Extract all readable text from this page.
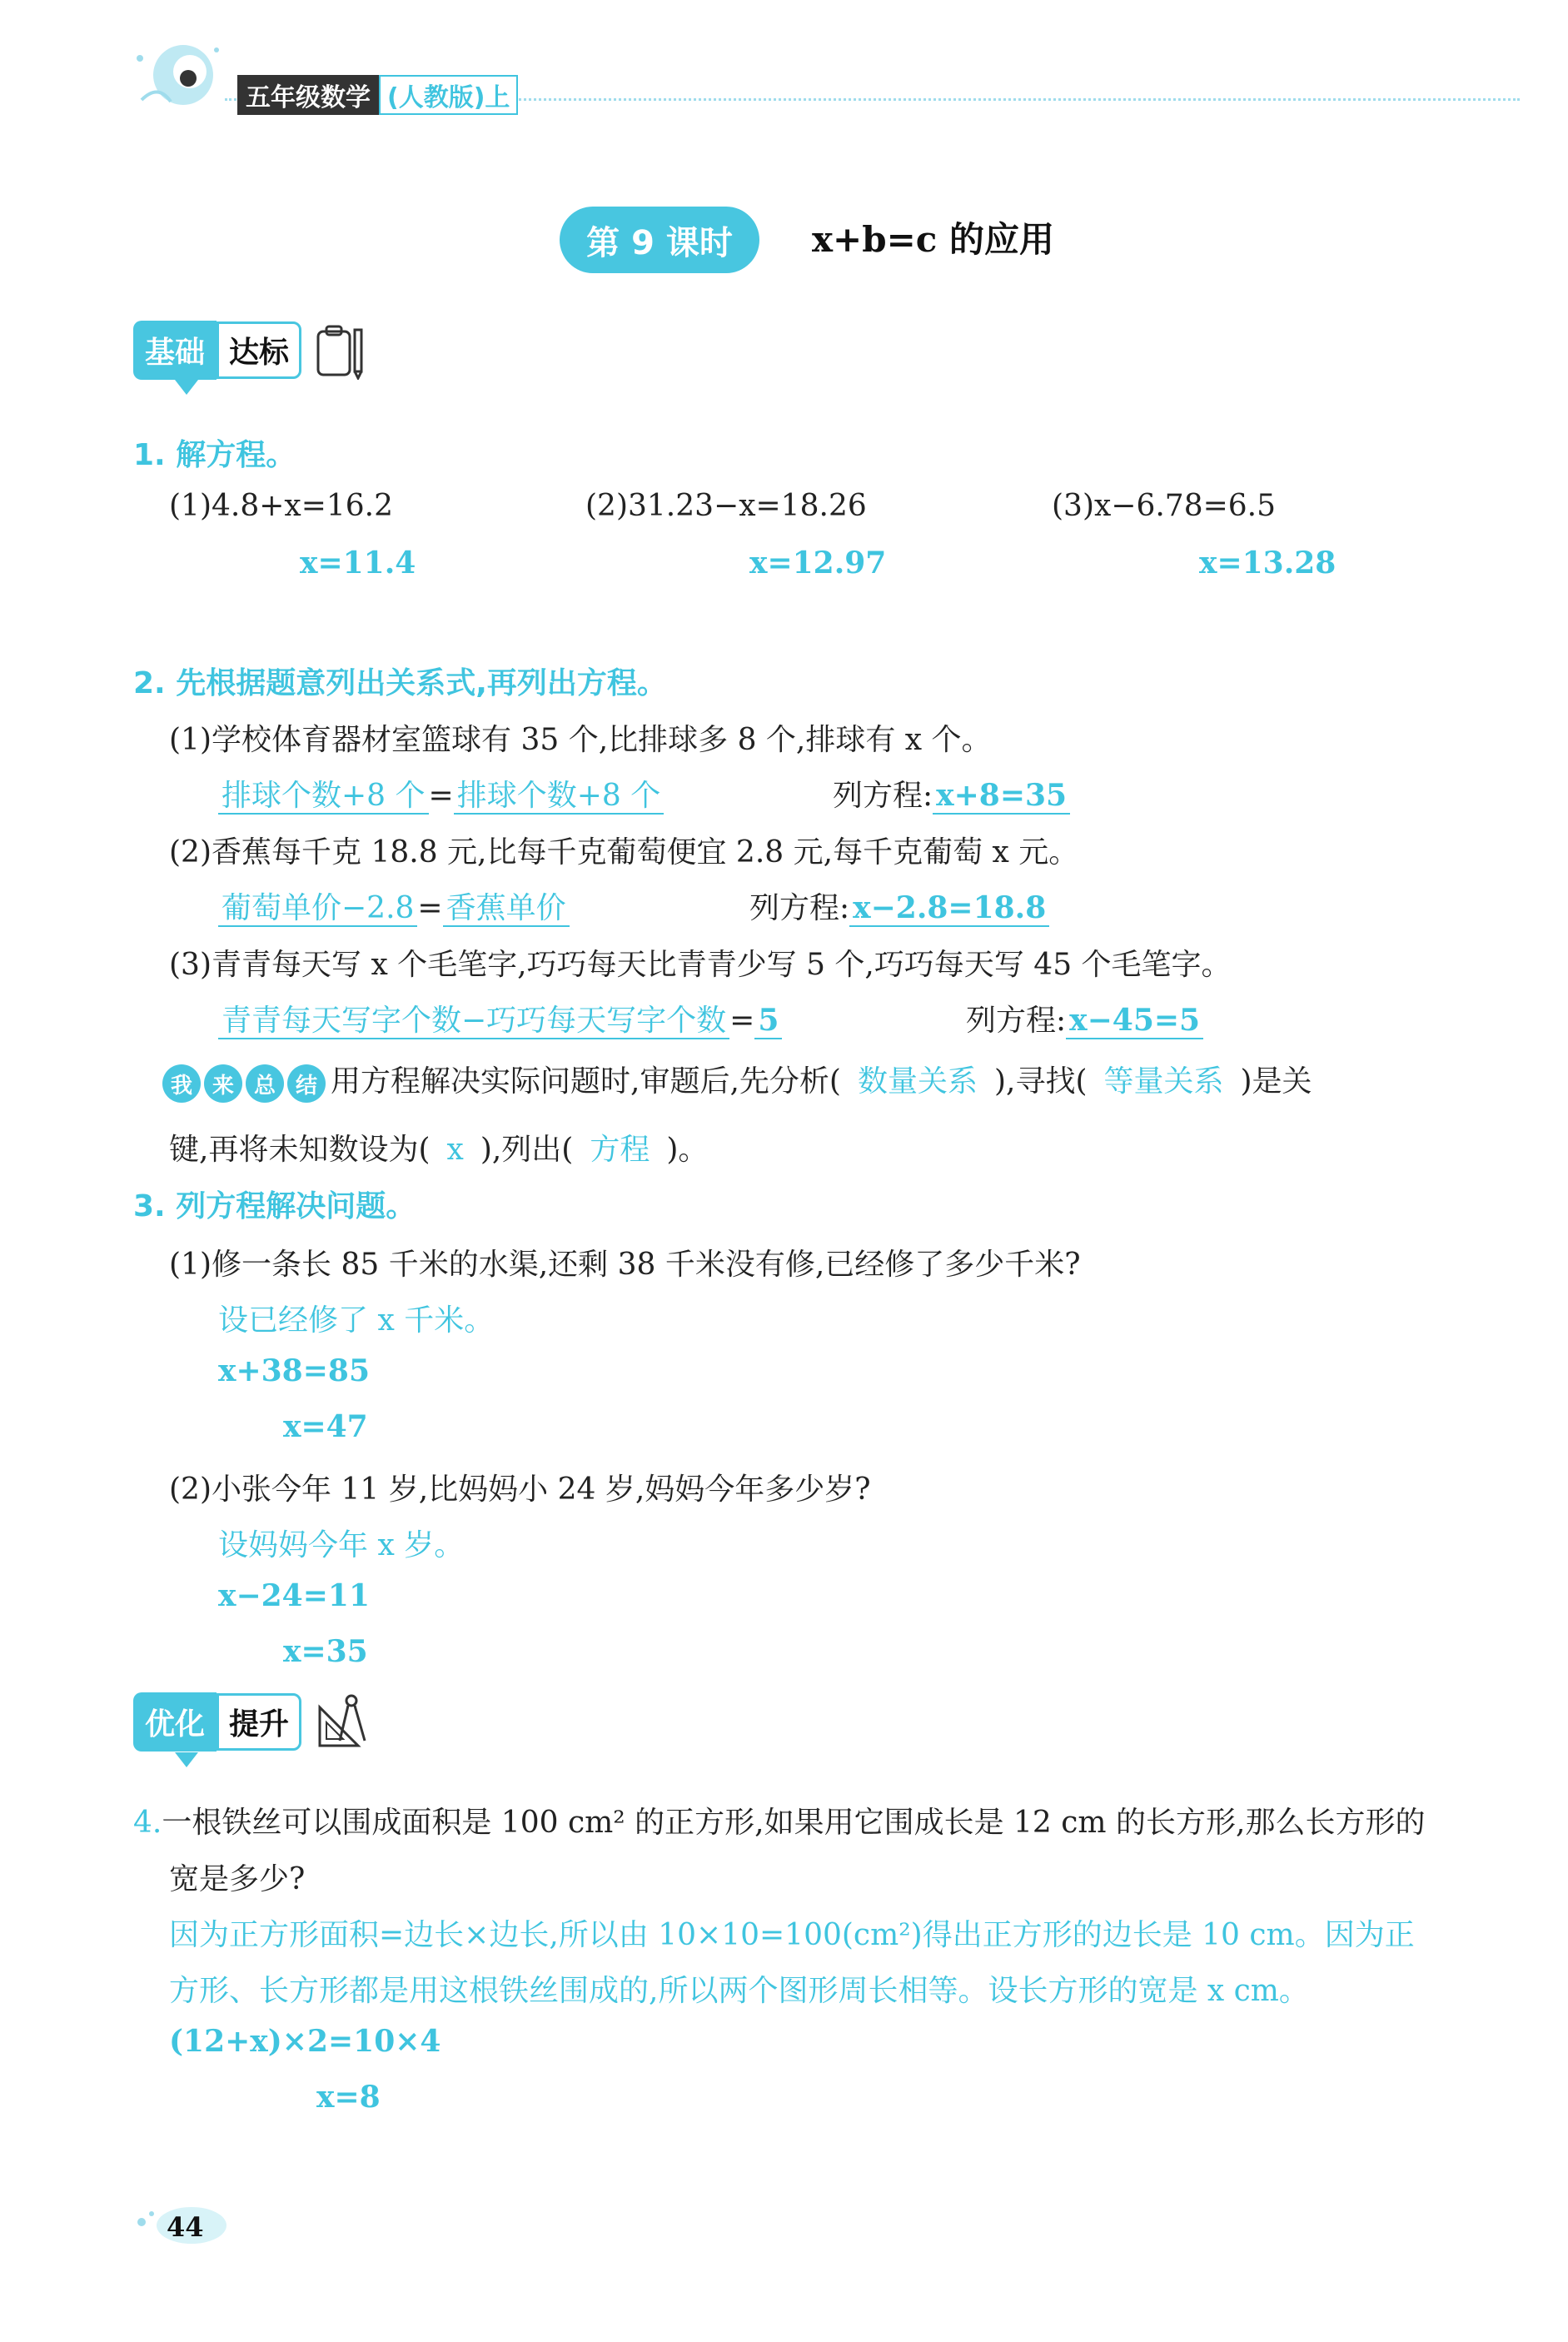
五年级数学 (人教版)上
第 9 课时	x+b=c 的应用
基础 达标
1. 解方程。
(1)4.8+x=16.2	(2)31.23−x=18.26	(3)x−6.78=6.5
x=11.4	x=12.97	x=13.28
2. 先根据题意列出关系式,再列出方程。
(1)学校体育器材室篮球有 35 个,比排球多 8 个,排球有 x 个。
排球个数+8 个 = 排球个数+8 个	列方程: x+8=35
(2)香蕉每千克 18.8 元,比每千克葡萄便宜 2.8 元,每千克葡萄 x 元。
葡萄单价−2.8 = 香蕉单价	列方程: x−2.8=18.8
(3)青青每天写 x 个毛笔字,巧巧每天比青青少写 5 个,巧巧每天写 45 个毛笔字。
青青每天写字个数−巧巧每天写字个数 = 5	列方程: x−45=5
我 来 总 结 用方程解决实际问题时,审题后,先分析( 数量关系 ),寻找( 等量关系 )是关
键,再将未知数设为( x ),列出( 方程 )。
3. 列方程解决问题。
(1)修一条长 85 千米的水渠,还剩 38 千米没有修,已经修了多少千米?
设已经修了 x 千米。
x+38=85
x=47
(2)小张今年 11 岁,比妈妈小 24 岁,妈妈今年多少岁?
设妈妈今年 x 岁。
x−24=11
x=35
优化 提升
4.一根铁丝可以围成面积是 100 cm² 的正方形,如果用它围成长是 12 cm 的长方形,那么长方形的
宽是多少?
因为正方形面积=边长×边长,所以由 10×10=100(cm²)得出正方形的边长是 10 cm。因为正
方形、长方形都是用这根铁丝围成的,所以两个图形周长相等。设长方形的宽是 x cm。
(12+x)×2=10×4
x=8
44
